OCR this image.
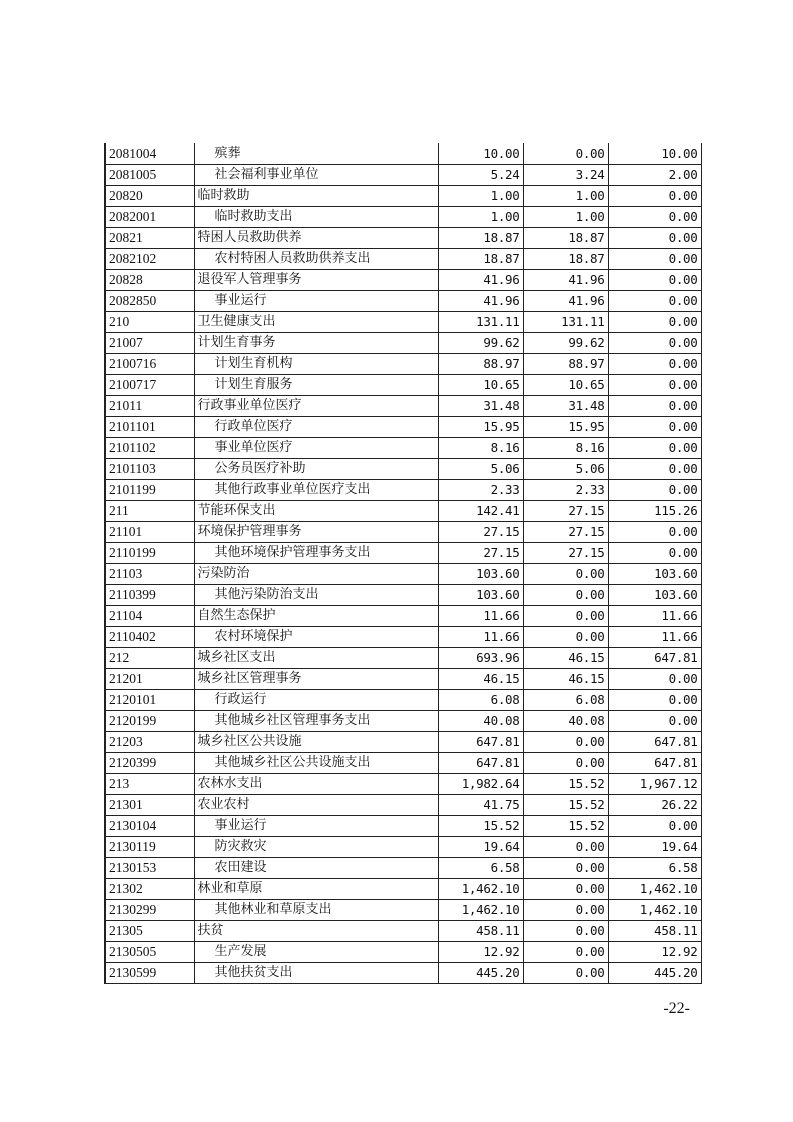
2081004	殡葬	10.00	0.00	10.00
2081005	社会福利事业单位	5.24	3.24	2.00
20820	临时救助	1.00	1.00	0.00
2082001	临时救助支出	1.00	1.00	0.00
20821	特困人员救助供养	18.87	18.87	0.00
2082102	农村特困人员救助供养支出	18.87	18.87	0.00
20828	退役军人管理事务	41.96	41.96	0.00
2082850	事业运行	41.96	41.96	0.00
210	卫生健康支出	131.11	131.11	0.00
21007	计划生育事务	99.62	99.62	0.00
2100716	计划生育机构	88.97	88.97	0.00
2100717	计划生育服务	10.65	10.65	0.00
21011	行政事业单位医疗	31.48	31.48	0.00
2101101	行政单位医疗	15.95	15.95	0.00
2101102	事业单位医疗	8.16	8.16	0.00
2101103	公务员医疗补助	5.06	5.06	0.00
2101199	其他行政事业单位医疗支出	2.33	2.33	0.00
211	节能环保支出	142.41	27.15	115.26
21101	环境保护管理事务	27.15	27.15	0.00
2110199	其他环境保护管理事务支出	27.15	27.15	0.00
21103	污染防治	103.60	0.00	103.60
2110399	其他污染防治支出	103.60	0.00	103.60
21104	自然生态保护	11.66	0.00	11.66
2110402	农村环境保护	11.66	0.00	11.66
212	城乡社区支出	693.96	46.15	647.81
21201	城乡社区管理事务	46.15	46.15	0.00
2120101	行政运行	6.08	6.08	0.00
2120199	其他城乡社区管理事务支出	40.08	40.08	0.00
21203	城乡社区公共设施	647.81	0.00	647.81
2120399	其他城乡社区公共设施支出	647.81	0.00	647.81
213	农林水支出	1,982.64	15.52	1,967.12
21301	农业农村	41.75	15.52	26.22
2130104	事业运行	15.52	15.52	0.00
2130119	防灾救灾	19.64	0.00	19.64
2130153	农田建设	6.58	0.00	6.58
21302	林业和草原	1,462.10	0.00	1,462.10
2130299	其他林业和草原支出	1,462.10	0.00	1,462.10
21305	扶贫	458.11	0.00	458.11
2130505	生产发展	12.92	0.00	12.92
2130599	其他扶贫支出	445.20	0.00	445.20
-22-
